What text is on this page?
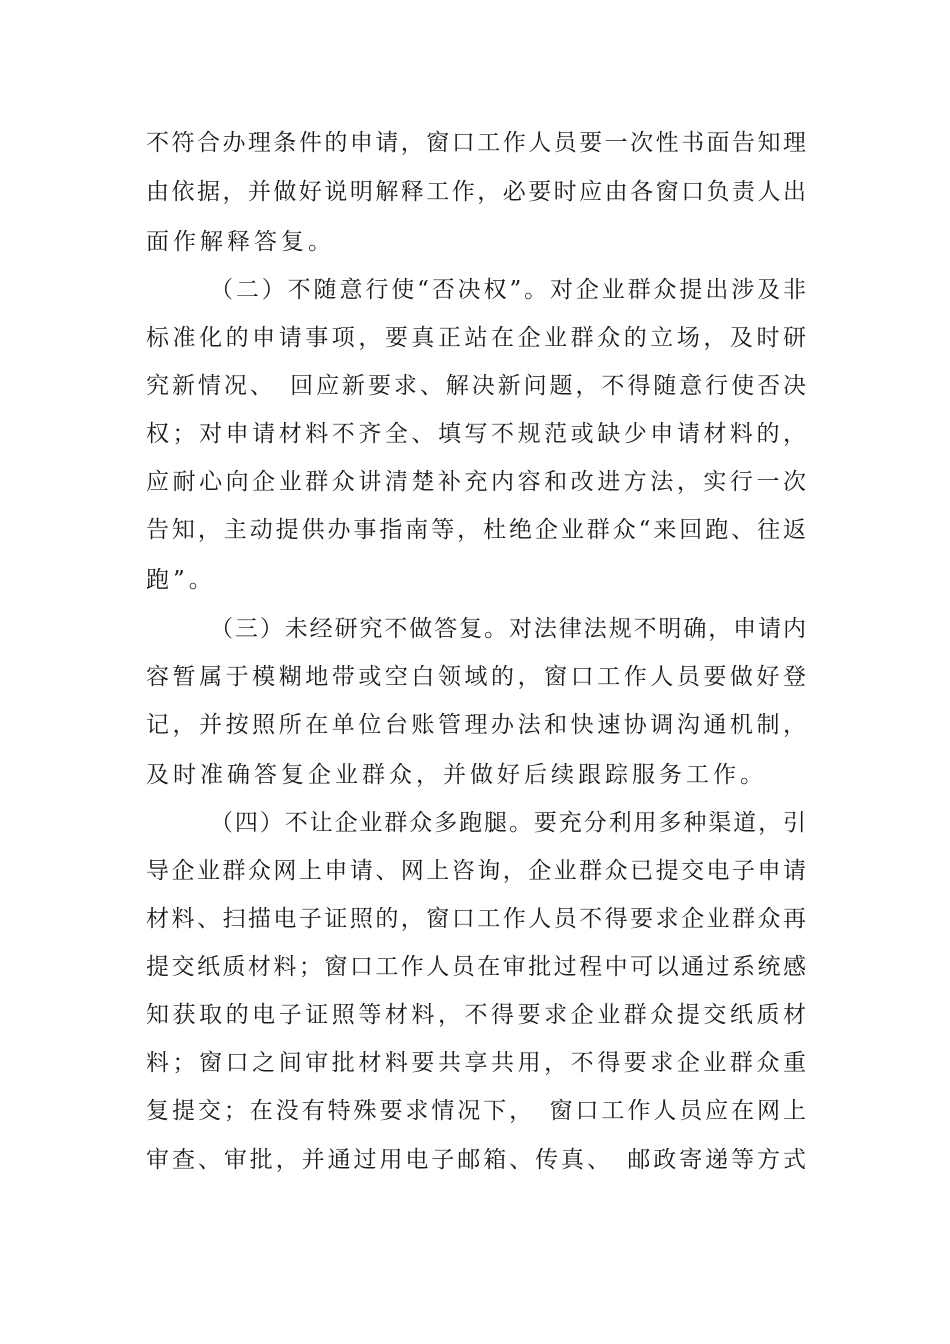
不符合办理条件的申请，窗口工作人员要一次性书面告知理
由依据，并做好说明解释工作，必要时应由各窗口负责人出
面作解释答复。
（二）不随意行使“否决权”。对企业群众提出涉及非
标准化的申请事项，要真正站在企业群众的立场，及时研
究新情况、　回应新要求、解决新问题，不得随意行使否决
权；对申请材料不齐全、填写不规范或缺少申请材料的，
应耐心向企业群众讲清楚补充内容和改进方法，实行一次
告知，主动提供办事指南等，杜绝企业群众“来回跑、往返
跑”。
（三）未经研究不做答复。对法律法规不明确，申请内
容暂属于模糊地带或空白领域的，窗口工作人员要做好登
记，并按照所在单位台账管理办法和快速协调沟通机制，
及时准确答复企业群众，并做好后续跟踪服务工作。
（四）不让企业群众多跑腿。要充分利用多种渠道，引
导企业群众网上申请、网上咨询，企业群众已提交电子申请
材料、扫描电子证照的，窗口工作人员不得要求企业群众再
提交纸质材料；窗口工作人员在审批过程中可以通过系统感
知获取的电子证照等材料，不得要求企业群众提交纸质材
料；窗口之间审批材料要共享共用，不得要求企业群众重
复提交；在没有特殊要求情况下，　窗口工作人员应在网上
审查、审批，并通过用电子邮箱、传真、　邮政寄递等方式
